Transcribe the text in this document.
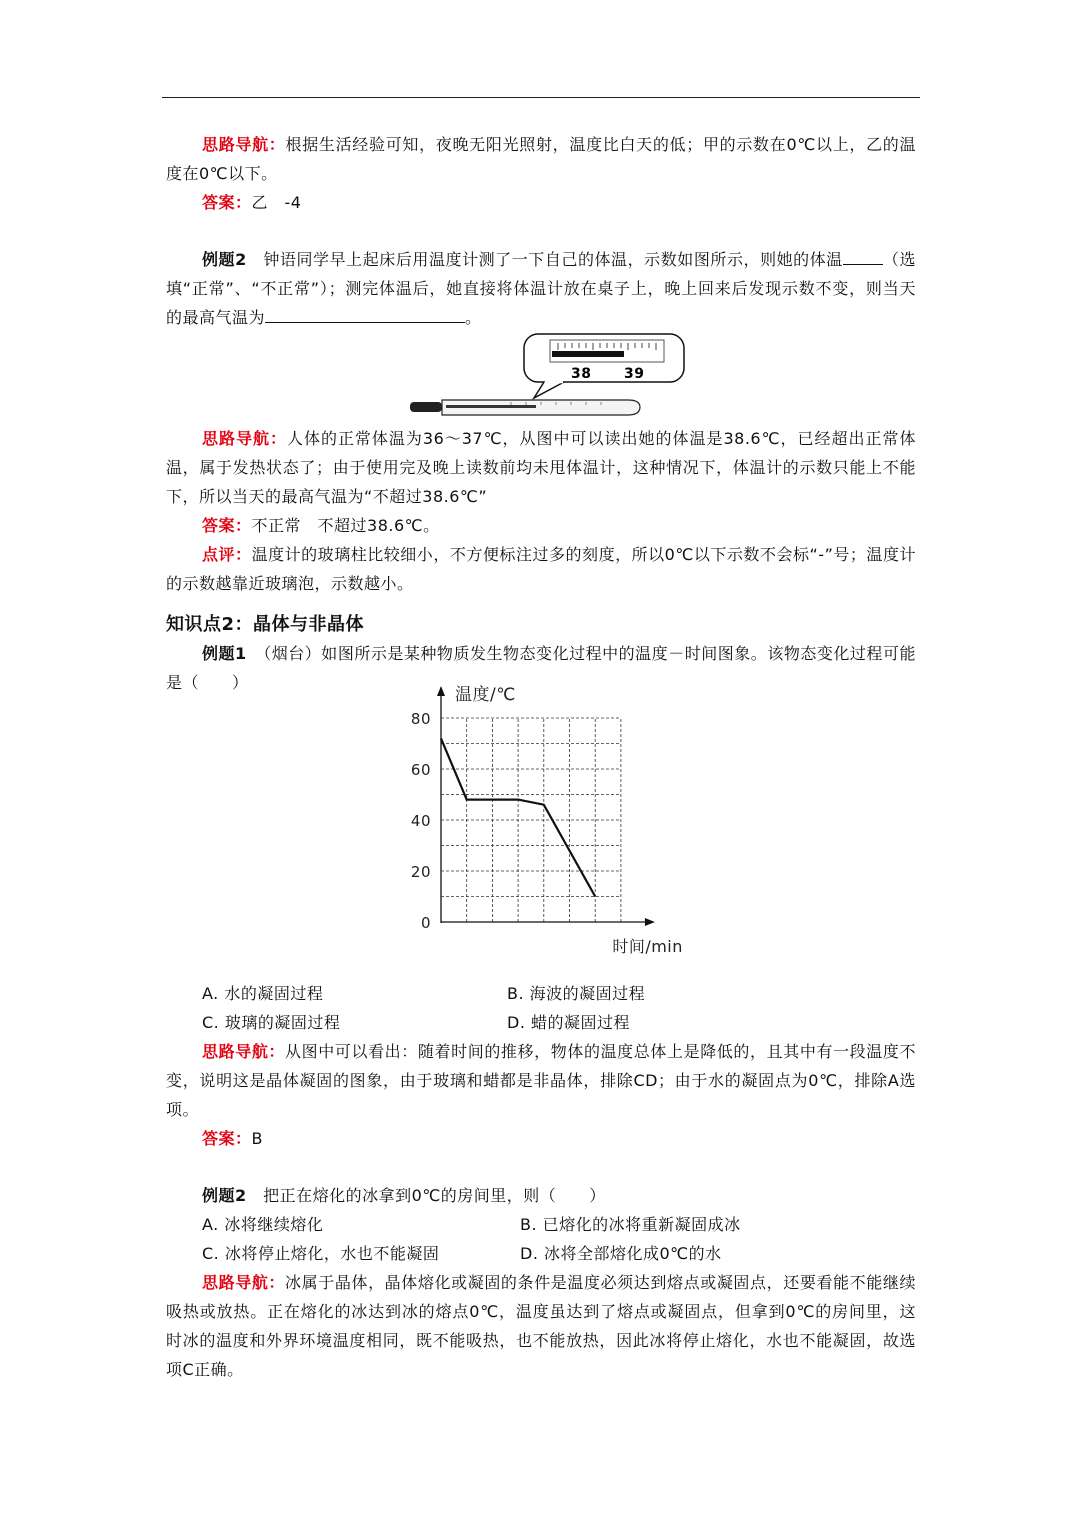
思路导航：根据生活经验可知，夜晚无阳光照射，温度比白天的低；甲的示数在0℃以上，乙的温度在0℃以下。

答案：乙　-4

例题2　 钟语同学早上起床后用温度计测了一下自己的体温，示数如图所示，则她的体温	（选填“正常”、“不正常”）；测完体温后，她直接将体温计放在桌子上，晚上回来后发现示数不变，则当天的最高气温为	。

38 39

思路导航：人体的正常体温为36～37℃，从图中可以读出她的体温是38.6℃，已经超出正常体温，属于发热状态了；由于使用完及晚上读数前均未甩体温计，这种情况下，体温计的示数只能上不能下，所以当天的最高气温为“不超过38.6℃”

答案：不正常　不超过38.6℃。

点评：温度计的玻璃柱比较细小，不方便标注过多的刻度，所以0℃以下示数不会标“-”号；温度计的示数越靠近玻璃泡，示数越小。

知识点2：晶体与非晶体

例题1　 （烟台）如图所示是某种物质发生物态变化过程中的温度－时间图象。该物态变化过程可能是（　　）

0
20
40
60
80
温度/℃
时间/min
A. 水的凝固过程	B. 海波的凝固过程
C. 玻璃的凝固过程	D. 蜡的凝固过程

思路导航：从图中可以看出：随着时间的推移，物体的温度总体上是降低的，且其中有一段温度不变，说明这是晶体凝固的图象，由于玻璃和蜡都是非晶体，排除CD；由于水的凝固点为0℃，排除A选项。

答案：B

例题2　 把正在熔化的冰拿到0℃的房间里，则（　　）

A. 冰将继续熔化	B. 已熔化的冰将重新凝固成冰
C. 冰将停止熔化，水也不能凝固	D. 冰将全部熔化成0℃的水

思路导航：冰属于晶体，晶体熔化或凝固的条件是温度必须达到熔点或凝固点，还要看能不能继续吸热或放热。正在熔化的冰达到冰的熔点0℃，温度虽达到了熔点或凝固点，但拿到0℃的房间里，这时冰的温度和外界环境温度相同，既不能吸热，也不能放热，因此冰将停止熔化，水也不能凝固，故选项C正确。
